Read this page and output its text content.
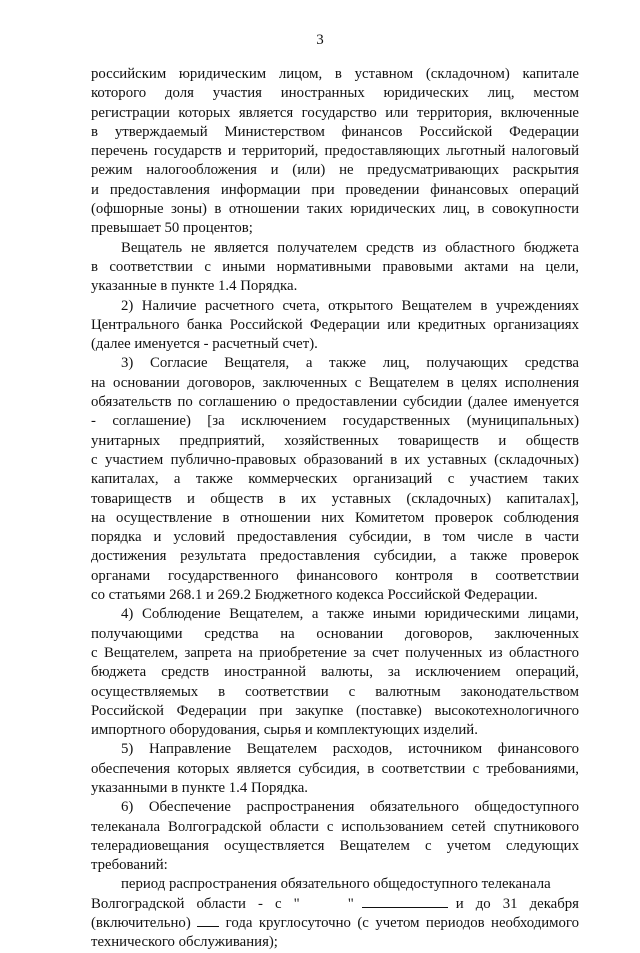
3

российским юридическим лицом, в уставном (складочном) капитале
которого доля участия иностранных юридических лиц, местом
регистрации которых является государство или территория, включенные
в утверждаемый Министерством финансов Российской Федерации
перечень государств и территорий, предоставляющих льготный налоговый
режим налогообложения и (или) не предусматривающих раскрытия
и предоставления информации при проведении финансовых операций
(офшорные зоны) в отношении таких юридических лиц, в совокупности
превышает 50 процентов;

Вещатель не является получателем средств из областного бюджета
в соответствии с иными нормативными правовыми актами на цели,
указанные в пункте 1.4 Порядка.

2) Наличие расчетного счета, открытого Вещателем в учреждениях
Центрального банка Российской Федерации или кредитных организациях
(далее именуется - расчетный счет).

3) Согласие Вещателя, а также лиц, получающих средства
на основании договоров, заключенных с Вещателем в целях исполнения
обязательств по соглашению о предоставлении субсидии (далее именуется
- соглашение) [за исключением государственных (муниципальных)
унитарных предприятий, хозяйственных товариществ и обществ
с участием публично-правовых образований в их уставных (складочных)
капиталах, а также коммерческих организаций с участием таких
товариществ и обществ в их уставных (складочных) капиталах],
на осуществление в отношении них Комитетом проверок соблюдения
порядка и условий предоставления субсидии, в том числе в части
достижения результата предоставления субсидии, а также проверок
органами государственного финансового контроля в соответствии
со статьями 268.1 и 269.2 Бюджетного кодекса Российской Федерации.

4) Соблюдение Вещателем, а также иными юридическими лицами,
получающими средства на основании договоров, заключенных
с Вещателем, запрета на приобретение за счет полученных из областного
бюджета средств иностранной валюты, за исключением операций,
осуществляемых в соответствии с валютным законодательством
Российской Федерации при закупке (поставке) высокотехнологичного
импортного оборудования, сырья и комплектующих изделий.

5) Направление Вещателем расходов, источником финансового
обеспечения которых является субсидия, в соответствии с требованиями,
указанными в пункте 1.4 Порядка.

6) Обеспечение распространения обязательного общедоступного
телеканала Волгоградской области с использованием сетей спутникового
телерадиовещания осуществляется Вещателем с учетом следующих
требований:

период распространения обязательного общедоступного телеканала
Волгоградской области - с "	"	и до 31 декабря
(включительно) года круглосуточно (с учетом периодов необходимого
технического обслуживания);
